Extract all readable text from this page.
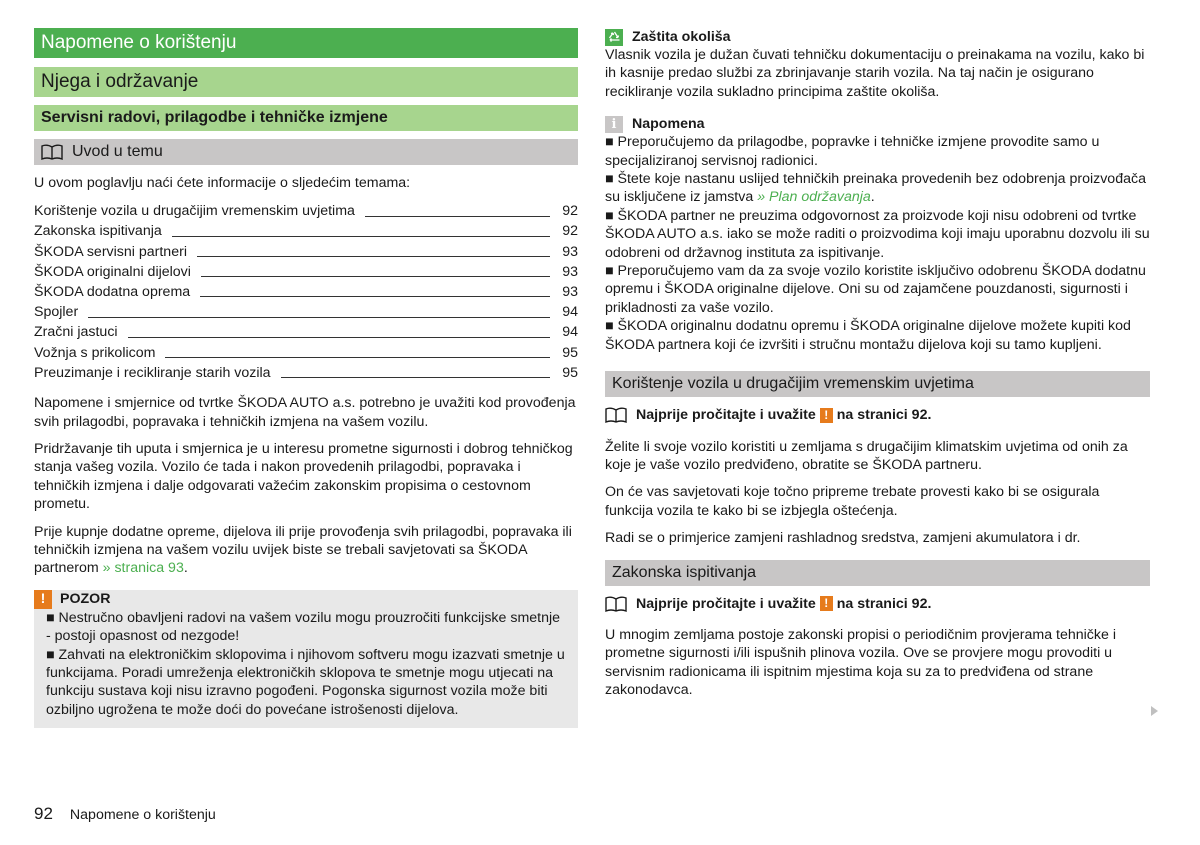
Napomene o korištenju
Njega i održavanje
Servisni radovi, prilagodbe i tehničke izmjene
Uvod u temu

U ovom poglavlju naći ćete informacije o sljedećim temama:

Korištenje vozila u drugačijim vremenskim uvjetima	92
Zakonska ispitivanja	92
ŠKODA servisni partneri	93
ŠKODA originalni dijelovi	93
ŠKODA dodatna oprema	93
Spojler	94
Zračni jastuci	94
Vožnja s prikolicom	95
Preuzimanje i recikliranje starih vozila	95

Napomene i smjernice od tvrtke ŠKODA AUTO a.s. potrebno je uvažiti kod provođenja svih prilagodbi, popravaka i tehničkih izmjena na vašem vozilu.

Pridržavanje tih uputa i smjernica je u interesu prometne sigurnosti i dobrog tehničkog stanja vašeg vozila. Vozilo će tada i nakon provedenih prilagodbi, popravaka i tehničkih izmjena i dalje odgovarati važećim zakonskim propisima o cestovnom prometu.

Prije kupnje dodatne opreme, dijelova ili prije provođenja svih prilagodbi, popravaka ili tehničkih izmjena na vašem vozilu uvijek biste se trebali savjetovati sa ŠKODA partnerom » stranica 93.

!	POZOR

■ Nestručno obavljeni radovi na vašem vozilu mogu prouzročiti funkcijske smetnje - postoji opasnost od nezgode!

■ Zahvati na elektroničkim sklopovima i njihovom softveru mogu izazvati smetnje u funkcijama. Poradi umreženja elektroničkih sklopova te smetnje mogu utjecati na funkciju sustava koji nisu izravno pogođeni. Pogonska sigurnost vozila može biti ozbiljno ugrožena te može doći do povećane istrošenosti dijelova.

Zaštita okoliša

Vlasnik vozila je dužan čuvati tehničku dokumentaciju o preinakama na vozilu, kako bi ih kasnije predao službi za zbrinjavanje starih vozila. Na taj način je osigurano recikliranje vozila sukladno principima zaštite okoliša.

i	Napomena

■ Preporučujemo da prilagodbe, popravke i tehničke izmjene provodite samo u specijaliziranoj servisnoj radionici.

■ Štete koje nastanu uslijed tehničkih preinaka provedenih bez odobrenja proizvođača su isključene iz jamstva » Plan održavanja.

■ ŠKODA partner ne preuzima odgovornost za proizvode koji nisu odobreni od tvrtke ŠKODA AUTO a.s. iako se može raditi o proizvodima koji imaju uporabnu dozvolu ili su odobreni od državnog instituta za ispitivanje.

■ Preporučujemo vam da za svoje vozilo koristite isključivo odobrenu ŠKODA dodatnu opremu i ŠKODA originalne dijelove. Oni su od zajamčene pouzdanosti, sigurnosti i prikladnosti za vaše vozilo.

■ ŠKODA originalnu dodatnu opremu i ŠKODA originalne dijelove možete kupiti kod ŠKODA partnera koji će izvršiti i stručnu montažu dijelova koji su tamo kupljeni.

Korištenje vozila u drugačijim vremenskim uvjetima
Najprije pročitajte i uvažite ! na stranici 92.

Želite li svoje vozilo koristiti u zemljama s drugačijim klimatskim uvjetima od onih za koje je vaše vozilo predviđeno, obratite se ŠKODA partneru.

On će vas savjetovati kojе točno pripreme trebate provesti kako bi se osigurala funkcija vozila te kako bi se izbjegla oštećenja.

Radi se o primjerice zamjeni rashladnog sredstva, zamjeni akumulatora i dr.

Zakonska ispitivanja
Najprije pročitajte i uvažite ! na stranici 92.

U mnogim zemljama postoje zakonski propisi o periodičnim provjerama tehničke i prometne sigurnosti i/ili ispušnih plinova vozila. Ove se provjere mogu provoditi u servisnim radionicama ili ispitnim mjestima koja su za to predviđena od strane zakonodavca.

92 Napomene o korištenju
